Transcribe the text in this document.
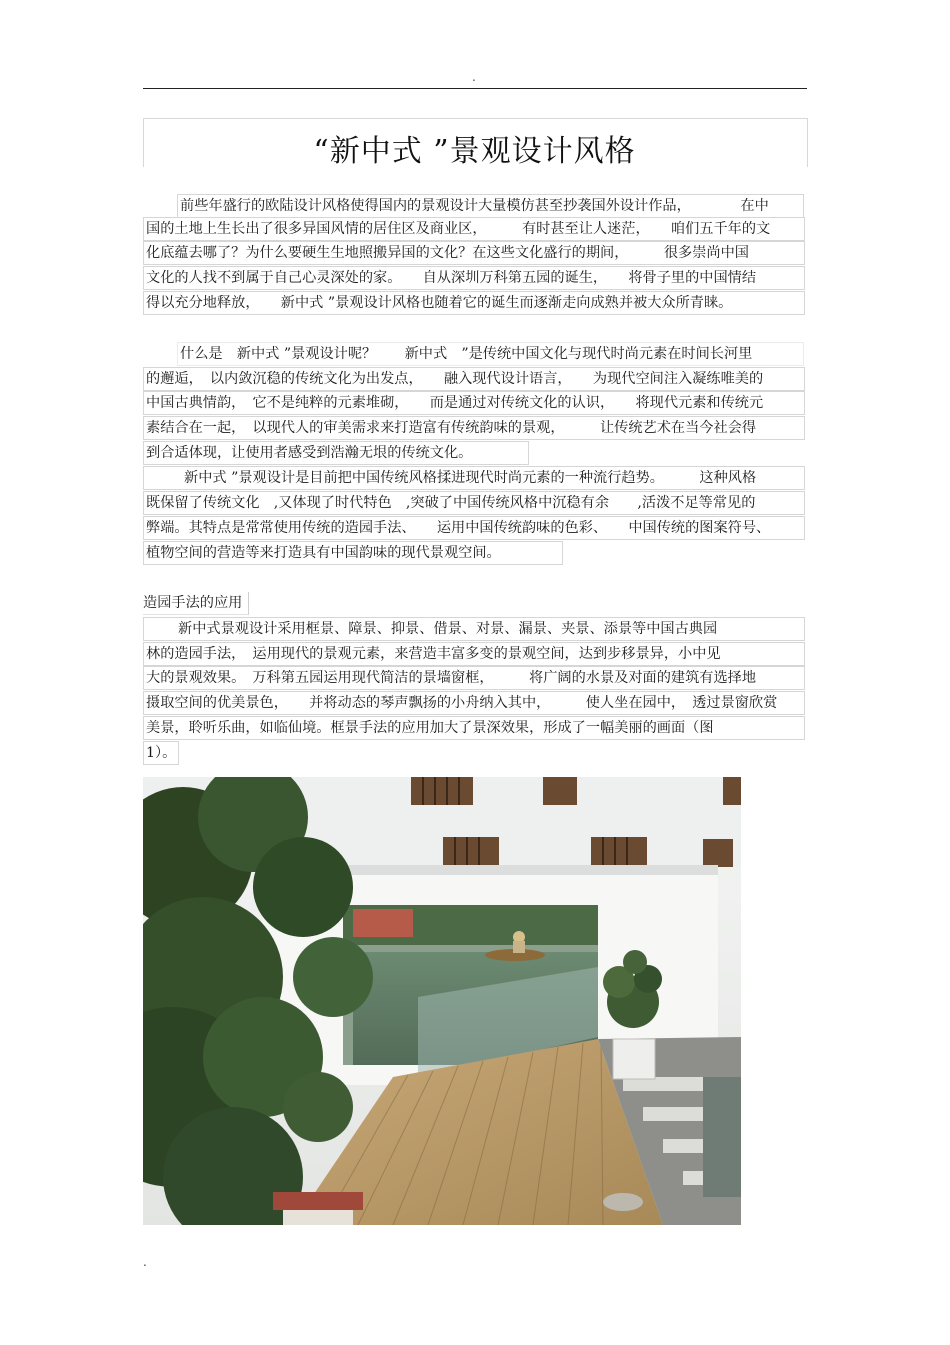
.
“新中式 ”景观设计风格
前些年盛行的欧陆设计风格使得国内的景观设计大量模仿甚至抄袭国外设计作品，　　　　在中
国的土地上生长出了很多异国风情的居住区及商业区，　　　有时甚至让人迷茫，　　咱们五千年的文
化底蕴去哪了？为什么要硬生生地照搬异国的文化？在这些文化盛行的期间，　　　很多崇尚中国
文化的人找不到属于自己心灵深处的家。　　自从深圳万科第五园的诞生，　　将骨子里的中国情结
得以充分地释放，　　新中式 ”景观设计风格也随着它的诞生而逐渐走向成熟并被大众所青睐。
什么是　新中式 ”景观设计呢？　　新中式　”是传统中国文化与现代时尚元素在时间长河里
的邂逅，　以内敛沉稳的传统文化为出发点，　　融入现代设计语言，　　为现代空间注入凝练唯美的
中国古典情韵，　它不是纯粹的元素堆砌，　　而是通过对传统文化的认识，　　将现代元素和传统元
素结合在一起，　以现代人的审美需求来打造富有传统韵味的景观，　　　让传统艺术在当今社会得
到合适体现，让使用者感受到浩瀚无垠的传统文化。
新中式 ”景观设计是目前把中国传统风格揉进现代时尚元素的一种流行趋势。　　　这种风格
既保留了传统文化　,又体现了时代特色　,突破了中国传统风格中沉稳有余　　,活泼不足等常见的
弊端。其特点是常常使用传统的造园手法、　　运用中国传统韵味的色彩、　　中国传统的图案符号、
植物空间的营造等来打造具有中国韵味的现代景观空间。
造园手法的应用
新中式景观设计采用框景、障景、抑景、借景、对景、漏景、夹景、添景等中国古典园
林的造园手法，　运用现代的景观元素，来营造丰富多变的景观空间，达到步移景异，小中见
大的景观效果。　万科第五园运用现代简洁的景墙窗框，　　　将广阔的水景及对面的建筑有选择地
摄取空间的优美景色，　　并将动态的琴声飘扬的小舟纳入其中，　　　使人坐在园中，　透过景窗欣赏
美景，聆听乐曲，如临仙境。框景手法的应用加大了景深效果，形成了一幅美丽的画面（图
1）。
.
